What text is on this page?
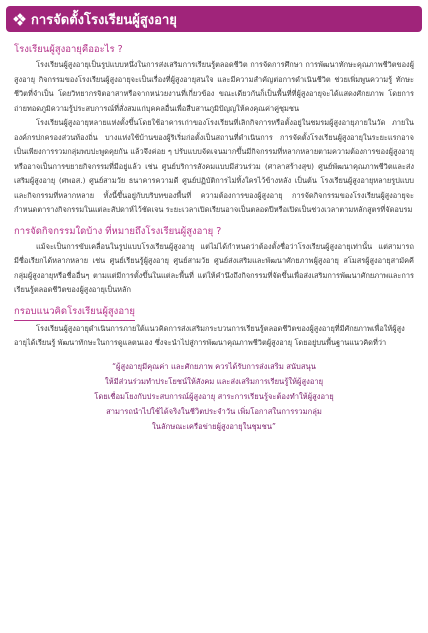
การจัดตั้งโรงเรียนผู้สูงอายุ
โรงเรียนผู้สูงอายุคืออะไร ?

โรงเรียนผู้สูงอายุเป็นรูปแบบหนึ่งในการส่งเสริมการเรียนรู้ตลอดชีวิต การจัดการศึกษา การพัฒนาทักษะคุณภาพชีวิตของผู้สูงอายุ กิจกรรมของโรงเรียนผู้สูงอายุจะเป็นเรื่องที่ผู้สูงอายุสนใจ และมีความสำคัญต่อการดำเนินชีวิต ช่วยเพิ่มพูนความรู้ ทักษะชีวิตที่จำเป็น โดยวิทยากรจิตอาสาหรือจากหน่วยงานที่เกี่ยวข้อง ขณะเดียวกันก็เป็นพื้นที่ที่ผู้สูงอายุจะได้แสดงศักยภาพ โดยการถ่ายทอดภูมิความรู้ประสบการณ์ที่สั่งสมแก่บุคคลอื่นเพื่อสืบสานภูมิปัญญให้คงคุณค่าคู่ชุมชน

โรงเรียนผู้สูงอายุหลายแห่งตั้งขึ้นโดยใช้อาคารเก่าของโรงเรียนที่เลิกกิจการหรือตั้งอยู่ในชมรมผู้สูงอายุภายในวัด ภายในองค์กรปกครองส่วนท้องถิ่น บางแห่งใช้บ้านของผู้ริเริ่มก่อตั้งเป็นสถานที่ดำเนินการ การจัดตั้งโรงเรียนผู้สูงอายุในระยะแรกอาจเป็นเพียงการรวมกลุ่มพบปะพูดคุยกัน แล้วจึงค่อย ๆ ปรับแบบจัดเจนมากขึ้นมีกิจกรรมที่หลากหลายตามความต้องการของผู้สูงอายุหรืออาจเป็นการขยายกิจกรรมที่มีอยู่แล้ว เช่น ศูนย์บริการสังคมแบบมีส่วนร่วม (ศาลาสร้างสุข) ศูนย์พัฒนาคุณภาพชีวิตและส่งเสริมผู้สูงอายุ (ศพอส.) ศูนย์สามวัย ธนาคารความดี ศูนย์ปฏิบัติการไม่ทิ้งใครไว้ข้างหลัง เป็นต้น โรงเรียนผู้สูงอายุหลายรูปแบบและกิจกรรมที่หลากหลาย ทั้งนี้ขึ้นอยู่กับบริบทของพื้นที่ ความต้องการของผู้สูงอายุ การจัดกิจกรรมของโรงเรียนผู้สูงอายุจะกำหนดตารางกิจกรรมในแต่ละสัปดาห์ไว้ชัดเจน ระยะเวลาเปิดเรียนอาจเป็นตลอดปีหรือเปิดเป็นช่วงเวลาตามหลักสูตรที่จัดอบรม

การจัดกิจกรรมใดบ้าง ที่หมายถึงโรงเรียนผู้สูงอายุ ?

แม้จะเป็นการขับเคลื่อนในรูปแบบโรงเรียนผู้สูงอายุ แต่ไม่ได้กำหนดว่าต้องตั้งชื่อว่าโรงเรียนผู้สูงอายุเท่านั้น แต่สามารถมีชื่อเรียกได้หลากหลาย เช่น ศูนย์เรียนรู้ผู้สูงอายุ ศูนย์สามวัย ศูนย์ส่งเสริมและพัฒนาศักยภาพผู้สูงอายุ สโมสรผู้สูงอายุสามัคคี กลุ่มผู้สูงอายุหรือชื่ออื่นๆ ตามแต่มีการตั้งขึ้นในแต่ละพื้นที่ แต่ให้คำนึงถึงกิจกรรมที่จัดขึ้นเพื่อส่งเสริมการพัฒนาศักยภาพและการเรียนรู้ตลอดชีวิตของผู้สูงอายุเป็นหลัก

กรอบแนวคิดโรงเรียนผู้สูงอายุ

โรงเรียนผู้สูงอายุดำเนินการภายใต้แนวคิดการส่งเสริมกระบวนการเรียนรู้ตลอดชีวิตของผู้สูงอายุที่มีศักยภาพเพื่อให้ผู้สูงอายุได้เรียนรู้ พัฒนาทักษะในการดูแลตนเอง ซึ่งจะนำไปสู่การพัฒนาคุณภาพชีวิตผู้สูงอายุ โดยอยู่บนพื้นฐานแนวคิดที่ว่า

“ผู้สูงอายุมีคุณค่า และศักยภาพ ควรได้รับการส่งเสริม สนับสนุน

ให้มีส่วนร่วมทำประโยชน์ให้สังคม และส่งเสริมการเรียนรู้ให้ผู้สูงอายุ

โดยเชื่อมโยงกับประสบการณ์ผู้สูงอายุ สาระการเรียนรู้จะต้องทำให้ผู้สูงอายุ

สามารถนำไปใช้ได้จริงในชีวิตประจำวัน เพิ่มโอกาสในการรวมกลุ่ม

ในลักษณะเครือข่ายผู้สูงอายุในชุมชน”
